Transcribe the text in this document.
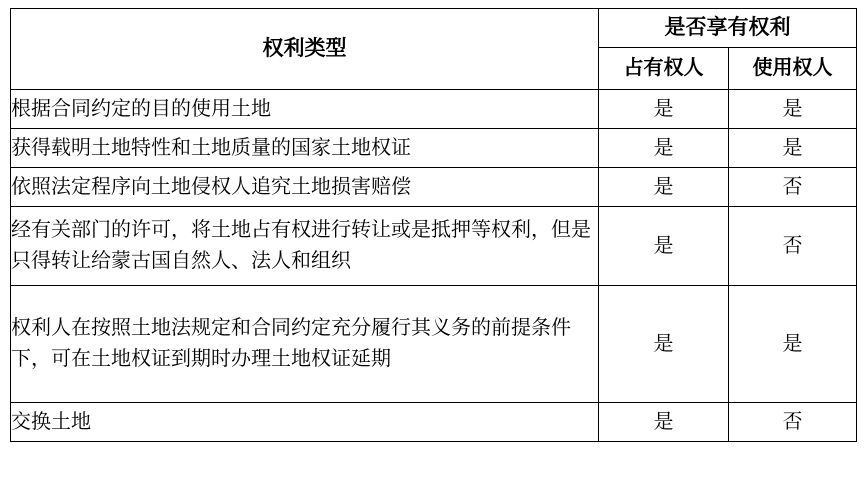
权利类型	是否享有权利	
	占有权人	使用权人
根据合同约定的目的使用土地	是	是
获得载明土地特性和土地质量的国家土地权证	是	是
依照法定程序向土地侵权人追究土地损害赔偿	是	否
经有关部门的许可，将土地占有权进行转让或是抵押等权利，但是只得转让给蒙古国自然人、法人和组织	是	否
权利人在按照土地法规定和合同约定充分履行其义务的前提条件下，可在土地权证到期时办理土地权证延期	是	是
交换土地	是	否
